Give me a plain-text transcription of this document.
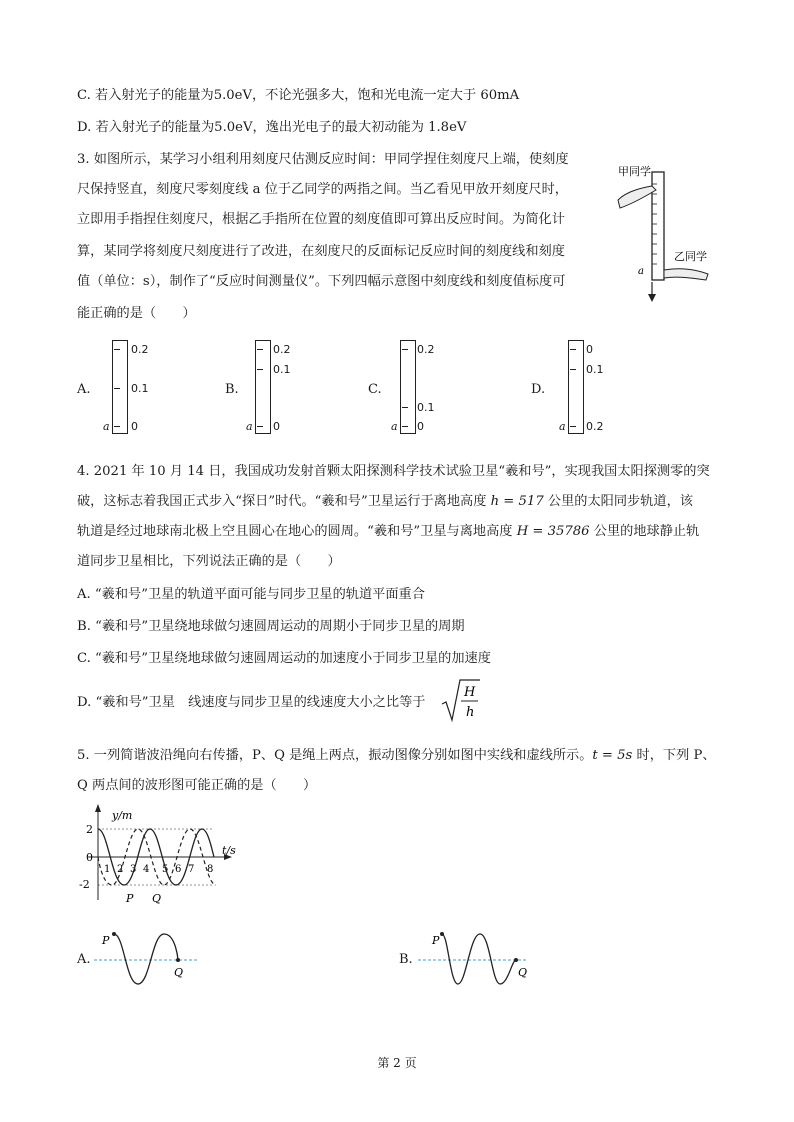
C. 若入射光子的能量为5.0eV，不论光强多大，饱和光电流一定大于 60mA
D. 若入射光子的能量为5.0eV，逸出光电子的最大初动能为 1.8eV
3. 如图所示，某学习小组利用刻度尺估测反应时间：甲同学捏住刻度尺上端，使刻度
尺保持竖直，刻度尺零刻度线 a 位于乙同学的两指之间。当乙看见甲放开刻度尺时，
立即用手指捏住刻度尺，根据乙手指所在位置的刻度值即可算出反应时间。为简化计
算，某同学将刻度尺刻度进行了改进，在刻度尺的反面标记反应时间的刻度线和刻度
值（单位：s），制作了“反应时间测量仪”。下列四幅示意图中刻度线和刻度值标度可
能正确的是（　　）
甲同学
乙同学
a
A.
0.2
0.1
0
a
B.
0.2
0.1
0
a
C.
0.2
0.1
0
a
D.
0
0.1
0.2
a
4. 2021 年 10 月 14 日，我国成功发射首颗太阳探测科学技术试验卫星“羲和号”，实现我国太阳探测零的突
破，这标志着我国正式步入“探日”时代。“羲和号”卫星运行于离地高度 h = 517 公里的太阳同步轨道，该
轨道是经过地球南北极上空且圆心在地心的圆周。“羲和号”卫星与离地高度 H = 35786 公里的地球静止轨
道同步卫星相比，下列说法正确的是（　　）
A. “羲和号”卫星的轨道平面可能与同步卫星的轨道平面重合
B. “羲和号”卫星绕地球做匀速圆周运动的周期小于同步卫星的周期
C. “羲和号”卫星绕地球做匀速圆周运动的加速度小于同步卫星的加速度
D. “羲和号”卫星　线速度与同步卫星的线速度大小之比等于
H
h
5. 一列简谐波沿绳向右传播，P、Q 是绳上两点，振动图像分别如图中实线和虚线所示。t = 5s 时，下列 P、
Q 两点间的波形图可能正确的是（　　）
y/m
t/s
2
0
-2
1 2 3 4 5 6 7 8
P Q
A.
P
Q
B.
P
Q
第 2 页
